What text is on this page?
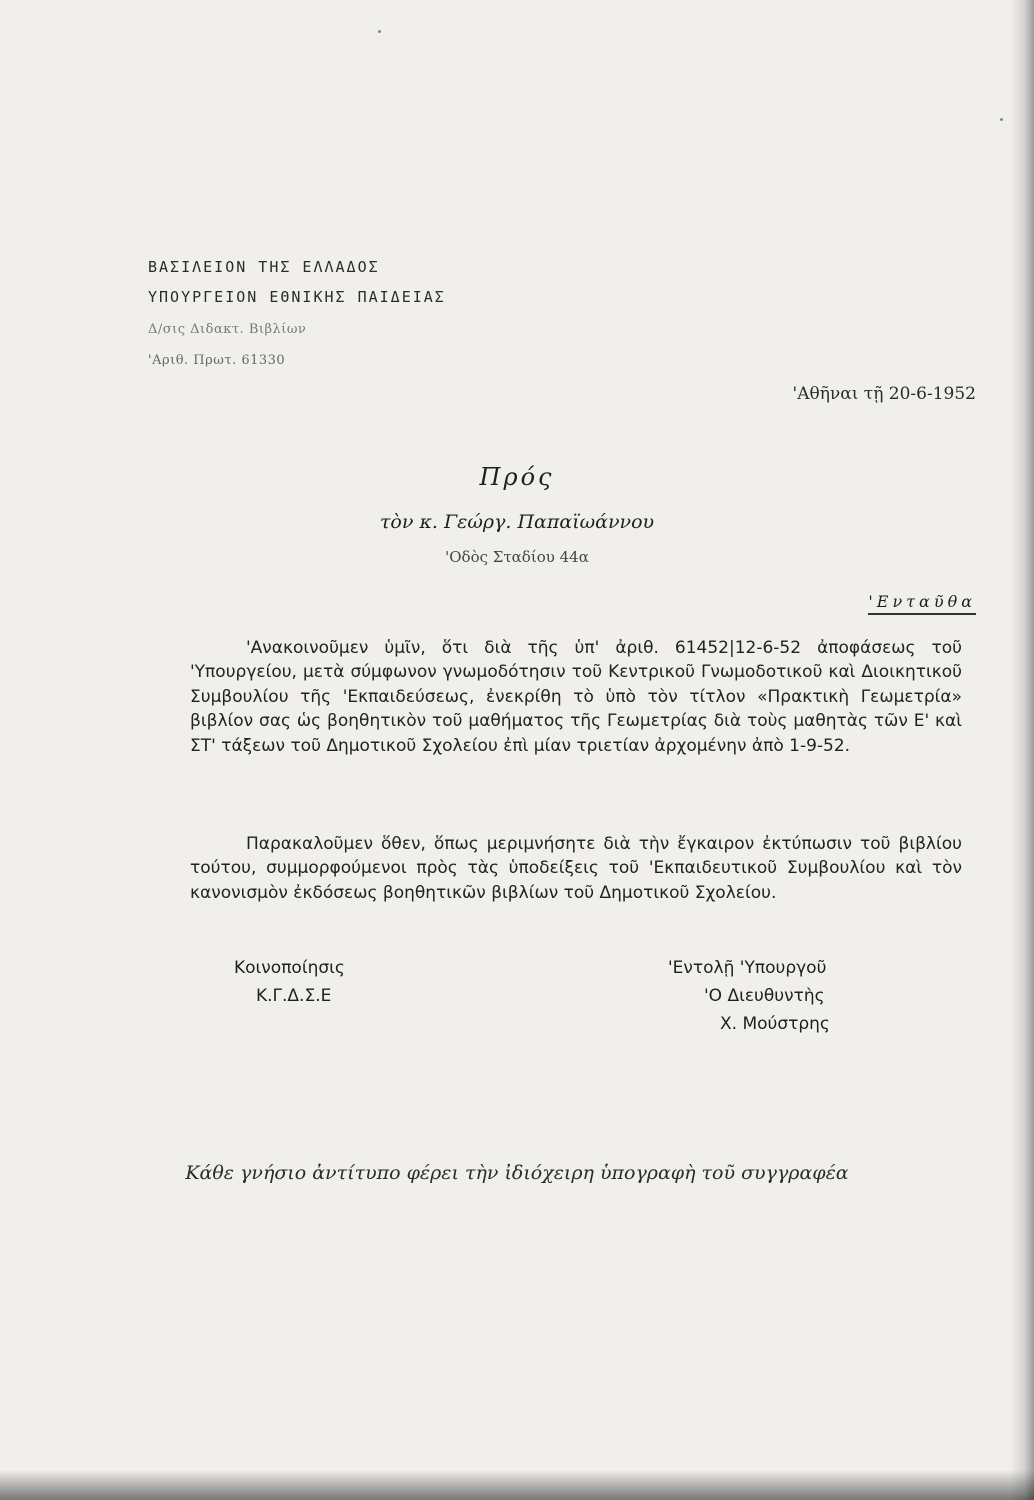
ΒΑΣΙΛΕΙΟΝ ΤΗΣ ΕΛΛΑΔΟΣ
ΥΠΟΥΡΓΕΙΟΝ ΕΘΝΙΚΗΣ ΠΑΙΔΕΙΑΣ
Δ/σις Διδακτ. Βιβλίων
'Αριθ. Πρωτ. 61330
'Αθῆναι τῇ 20-6-1952
Πρός
τὸν κ. Γεώργ. Παπαϊωάννου
'Οδὸς Σταδίου 44α
'Ενταῦθα
'Ανακοινοῦμεν ὑμῖν, ὅτι διὰ τῆς ὑπ' ἀριθ. 61452|12-6-52 ἀποφάσεως τοῦ 'Υπουργείου, μετὰ σύμφωνον γνωμοδότησιν τοῦ Κεντρικοῦ Γνωμοδοτικοῦ καὶ Διοικητικοῦ Συμβουλίου τῆς 'Εκπαιδεύσεως, ἐνεκρίθη τὸ ὑπὸ τὸν τίτλον «Πρακτικὴ Γεωμετρία» βιβλίον σας ὡς βοηθητικὸν τοῦ μαθήματος τῆς Γεωμετρίας διὰ τοὺς μαθητὰς τῶν Ε' καὶ ΣΤ' τάξεων τοῦ Δημοτικοῦ Σχολείου ἐπὶ μίαν τριετίαν ἀρχομένην ἀπὸ 1-9-52.
Παρακαλοῦμεν ὅθεν, ὅπως μεριμνήσητε διὰ τὴν ἔγκαιρον ἐκτύπωσιν τοῦ βιβλίου τούτου, συμμορφούμενοι πρὸς τὰς ὑποδείξεις τοῦ 'Εκπαιδευτικοῦ Συμβουλίου καὶ τὸν κανονισμὸν ἐκδόσεως βοηθητικῶν βιβλίων τοῦ Δημοτικοῦ Σχολείου.
Κοινοποίησις
Κ.Γ.Δ.Σ.Ε
'Εντολῇ 'Υπουργοῦ
'Ο Διευθυντὴς
Χ. Μούστρης
Κάθε γνήσιο ἀντίτυπο φέρει τὴν ἰδιόχειρη ὑπογραφὴ τοῦ συγγραφέα
